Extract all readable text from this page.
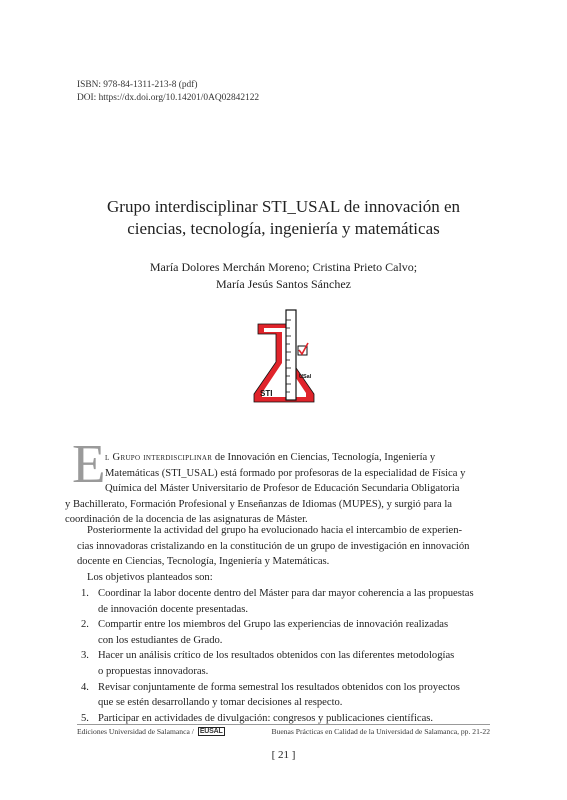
ISBN: 978-84-1311-213-8 (pdf)
DOI: https://dx.doi.org/10.14201/0AQ02842122
Grupo interdisciplinar STI_USAL de innovación en
ciencias, tecnología, ingeniería y matemáticas
María Dolores Merchán Moreno; Cristina Prieto Calvo;
María Jesús Santos Sánchez
USal
STI
E l Grupo interdisciplinar de Innovación en Ciencias, Tecnología, Ingeniería y
Matemáticas (STI_USAL) está formado por profesoras de la especialidad de Física y
Química del Máster Universitario de Profesor de Educación Secundaria Obligatoria
y Bachillerato, Formación Profesional y Enseñanzas de Idiomas (MUPES), y surgió para la
coordinación de la docencia de las asignaturas de Máster.
Posteriormente la actividad del grupo ha evolucionado hacia el intercambio de experien-
cias innovadoras cristalizando en la constitución de un grupo de investigación en innovación
docente en Ciencias, Tecnología, Ingeniería y Matemáticas.
Los objetivos planteados son:
1. Coordinar la labor docente dentro del Máster para dar mayor coherencia a las propuestas
de innovación docente presentadas.
2. Compartir entre los miembros del Grupo las experiencias de innovación realizadas
con los estudiantes de Grado.
3. Hacer un análisis crítico de los resultados obtenidos con las diferentes metodologías
o propuestas innovadoras.
4. Revisar conjuntamente de forma semestral los resultados obtenidos con los proyectos
que se estén desarrollando y tomar decisiones al respecto.
5. Participar en actividades de divulgación: congresos y publicaciones científicas.
Ediciones Universidad de Salamanca / EUSAL	Buenas Prácticas en Calidad de la Universidad de Salamanca, pp. 21-22
[ 21 ]
